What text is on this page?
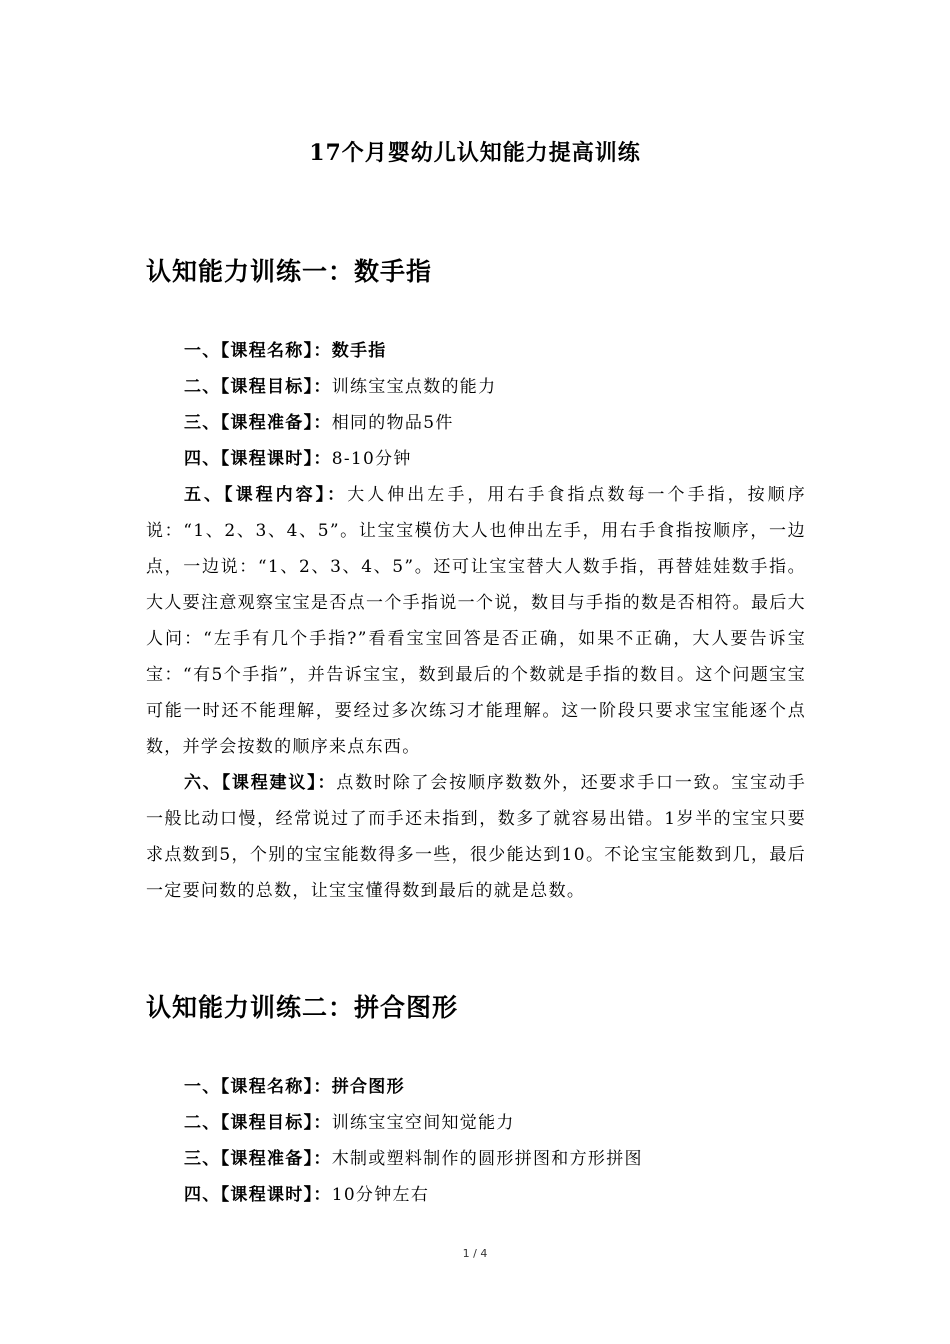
17个月婴幼儿认知能力提高训练
认知能力训练一：数手指

一、【课程名称】：数手指

二、【课程目标】：训练宝宝点数的能力

三、【课程准备】：相同的物品5件

四、【课程课时】：8-10分钟

五、【课程内容】：大人伸出左手，用右手食指点数每一个手指，按顺序说：“1、2、3、4、5”。让宝宝模仿大人也伸出左手，用右手食指按顺序，一边点，一边说：“1、2、3、4、5”。还可让宝宝替大人数手指，再替娃娃数手指。大人要注意观察宝宝是否点一个手指说一个说，数目与手指的数是否相符。最后大人问：“左手有几个手指?”看看宝宝回答是否正确，如果不正确，大人要告诉宝宝：“有5个手指”，并告诉宝宝，数到最后的个数就是手指的数目。这个问题宝宝可能一时还不能理解，要经过多次练习才能理解。这一阶段只要求宝宝能逐个点数，并学会按数的顺序来点东西。

六、【课程建议】：点数时除了会按顺序数数外，还要求手口一致。宝宝动手一般比动口慢，经常说过了而手还未指到，数多了就容易出错。1岁半的宝宝只要求点数到5，个别的宝宝能数得多一些，很少能达到10。不论宝宝能数到几，最后一定要问数的总数，让宝宝懂得数到最后的就是总数。

认知能力训练二：拼合图形

一、【课程名称】：拼合图形

二、【课程目标】：训练宝宝空间知觉能力

三、【课程准备】：木制或塑料制作的圆形拼图和方形拼图

四、【课程课时】：10分钟左右

1 / 4
